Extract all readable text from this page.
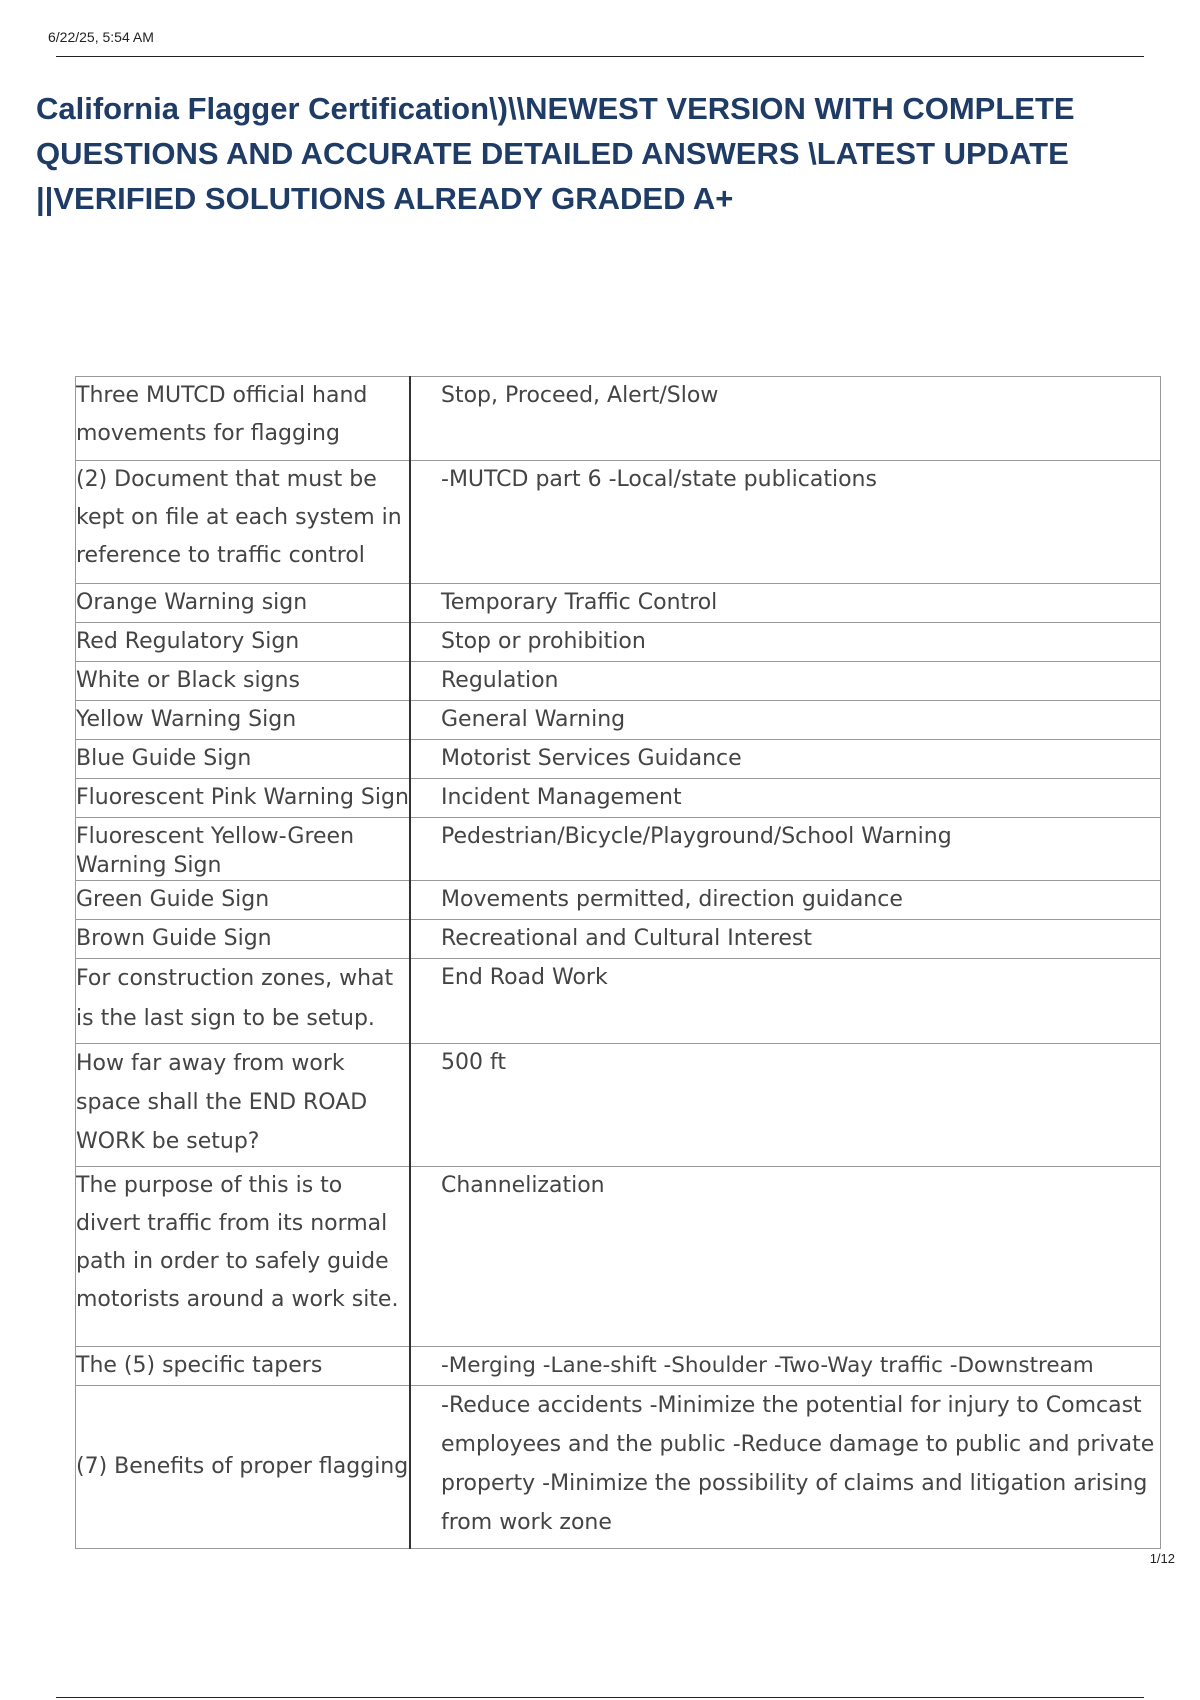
6/22/25, 5:54 AM
California Flagger Certification\)\\NEWEST VERSION WITH COMPLETE QUESTIONS AND ACCURATE DETAILED ANSWERS \LATEST UPDATE ||VERIFIED SOLUTIONS ALREADY GRADED A+
Three MUTCD official hand movements for flagging	Stop, Proceed, Alert/Slow
(2) Document that must be kept on file at each system in reference to traffic control	-MUTCD part 6 -Local/state publications
Orange Warning sign	Temporary Traffic Control
Red Regulatory Sign	Stop or prohibition
White or Black signs	Regulation
Yellow Warning Sign	General Warning
Blue Guide Sign	Motorist Services Guidance
Fluorescent Pink Warning Sign	Incident Management
Fluorescent Yellow-Green Warning Sign	Pedestrian/Bicycle/Playground/School Warning
Green Guide Sign	Movements permitted, direction guidance
Brown Guide Sign	Recreational and Cultural Interest
For construction zones, what is the last sign to be setup.	End Road Work
How far away from work space shall the END ROAD WORK be setup?	500 ft
The purpose of this is to divert traffic from its normal path in order to safely guide motorists around a work site.	Channelization
The (5) specific tapers	-Merging -Lane-shift -Shoulder -Two-Way traffic -Downstream
(7) Benefits of proper flagging	-Reduce accidents -Minimize the potential for injury to Comcast employees and the public -Reduce damage to public and private property -Minimize the possibility of claims and litigation arising from work zone
1/12
